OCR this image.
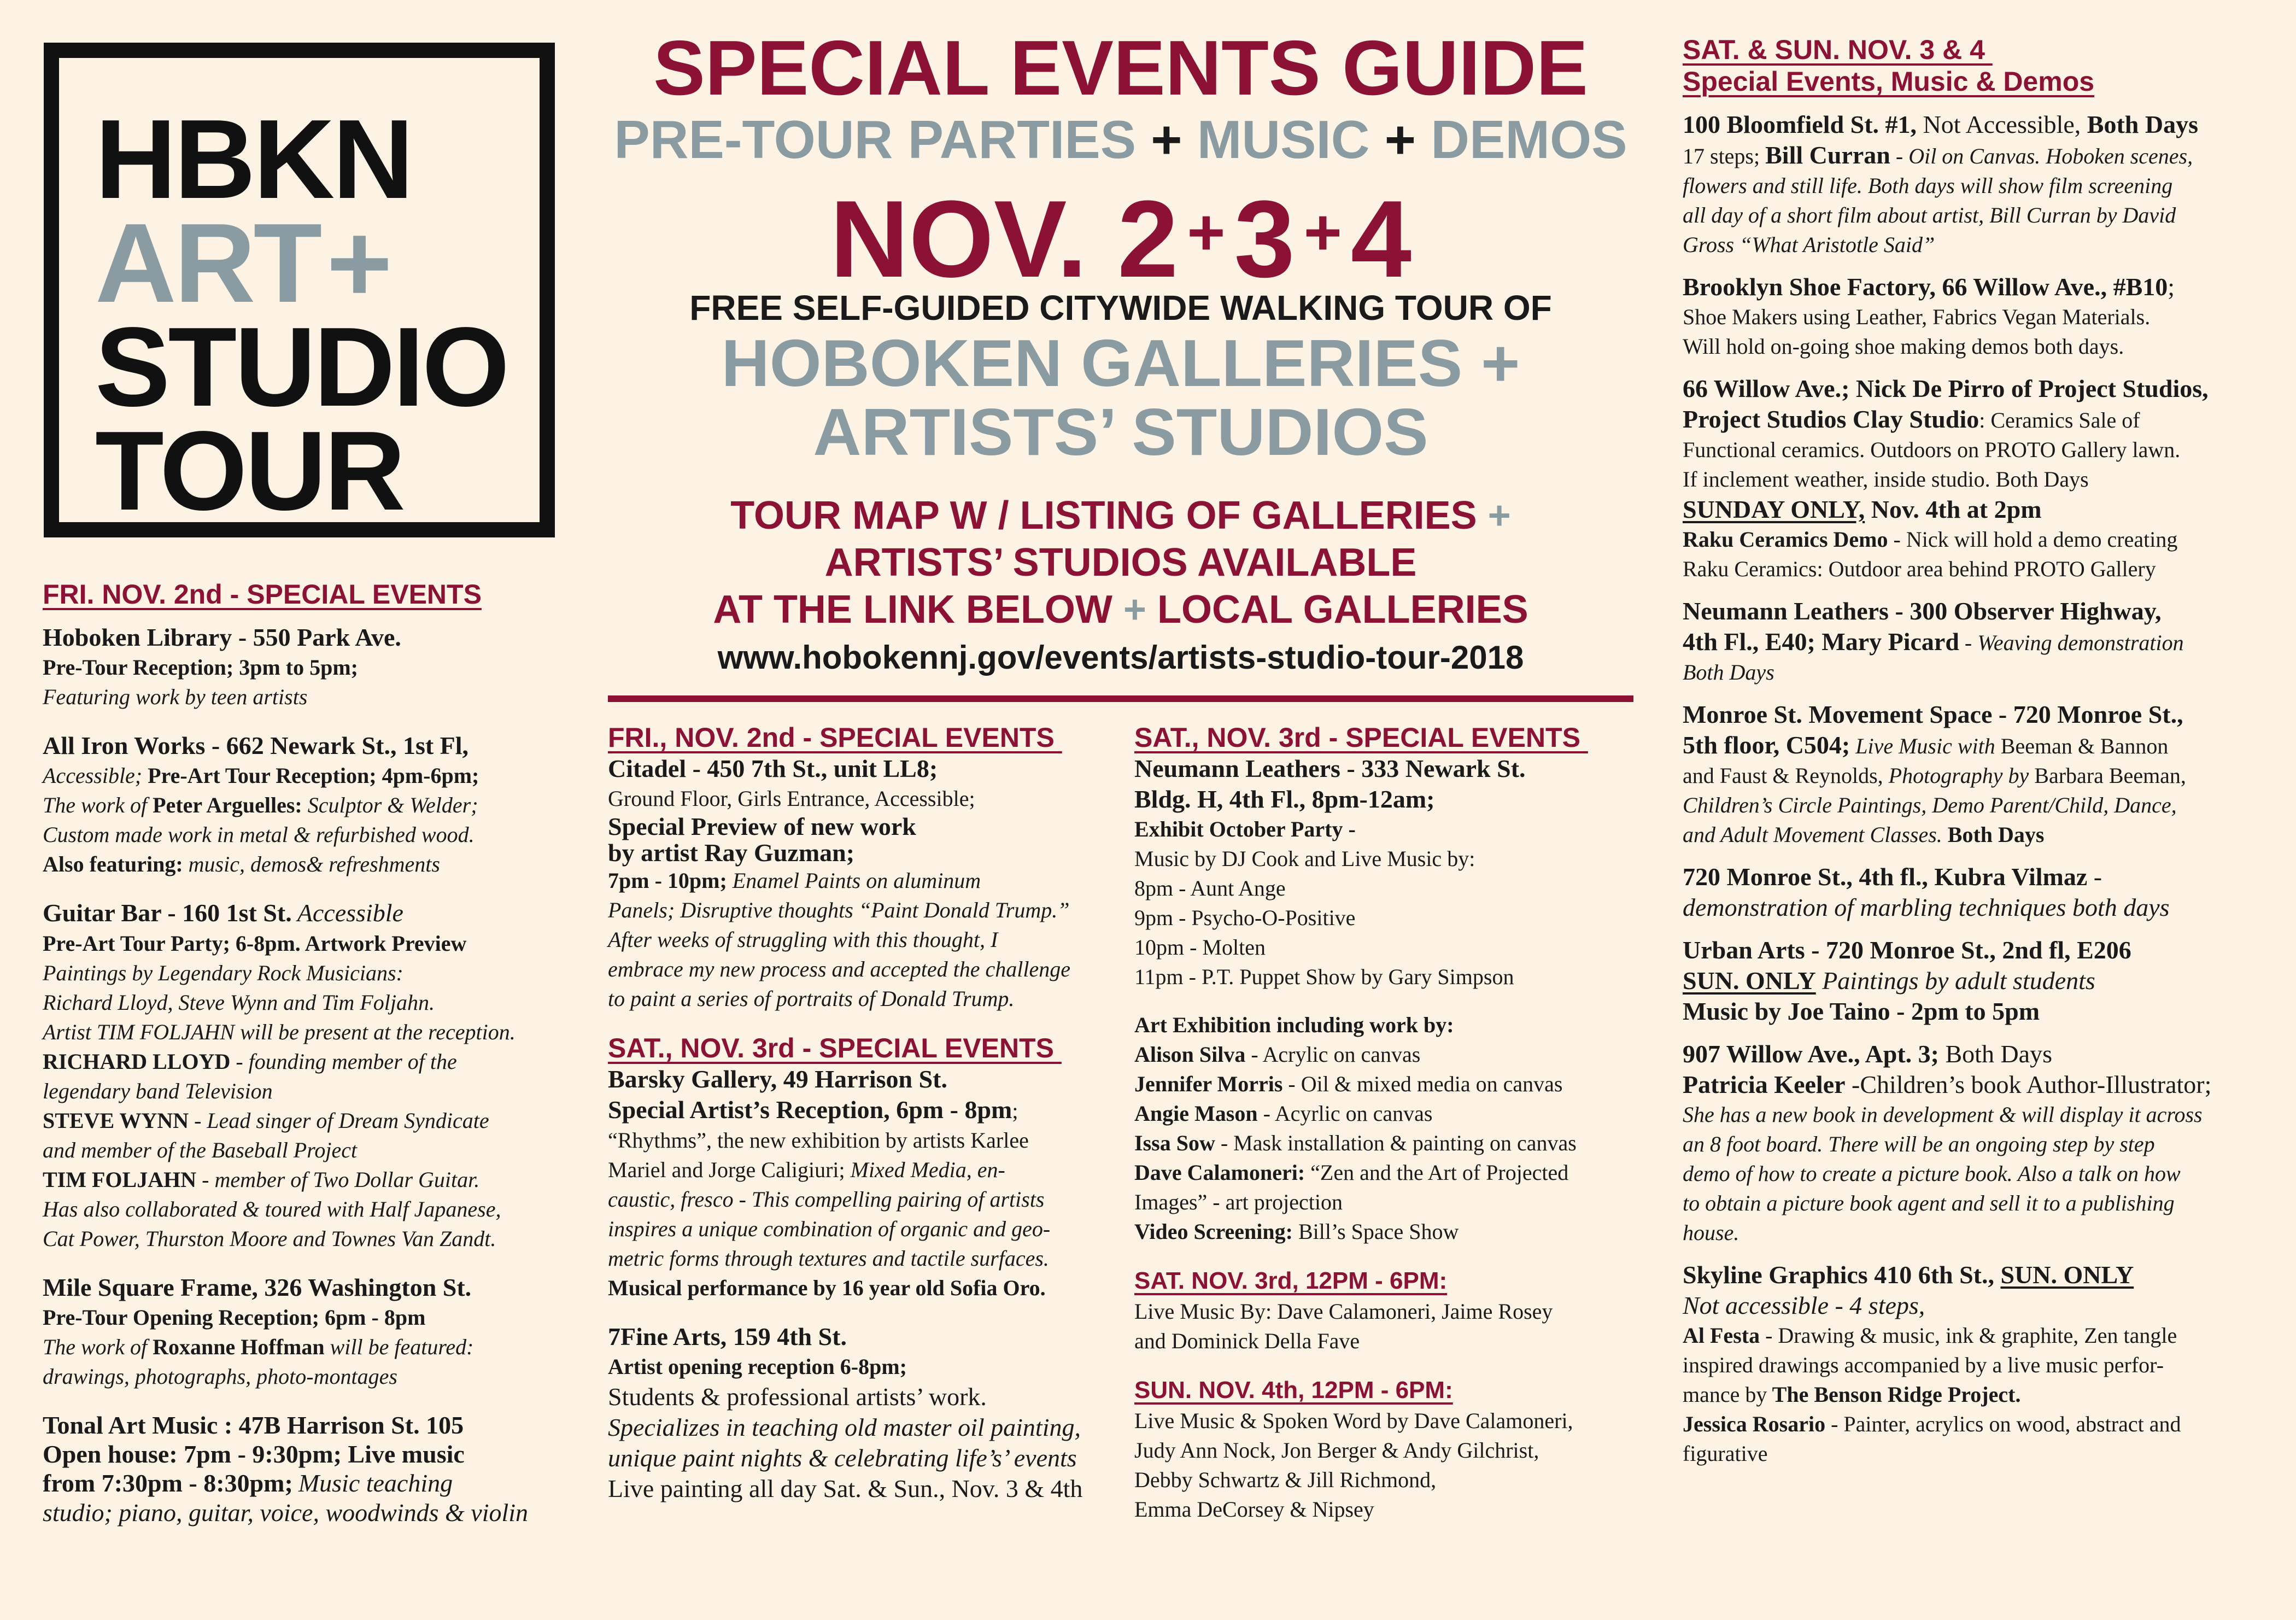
HBKN
ART+
STUDIO
TOUR
SPECIAL EVENTS GUIDE
PRE-TOUR PARTIES + MUSIC + DEMOS
NOV. 2 +3 +4
FREE SELF-GUIDED CITYWIDE WALKING TOUR OF
HOBOKEN GALLERIES +
ARTISTS’ STUDIOS
TOUR MAP W / LISTING OF GALLERIES +
ARTISTS’ STUDIOS AVAILABLE
AT THE LINK BELOW + LOCAL GALLERIES
www.hobokennj.gov/events/artists-studio-tour-2018
FRI. NOV. 2nd - SPECIAL EVENTS

Hoboken Library - 550 Park Ave.

Pre-Tour Reception; 3pm to 5pm;

Featuring work by teen artists

All Iron Works - 662 Newark St., 1st Fl,

Accessible; Pre-Art Tour Reception; 4pm-6pm;

The work of Peter Arguelles: Sculptor & Welder;

Custom made work in metal & refurbished wood.

Also featuring: music, demos& refreshments

Guitar Bar - 160 1st St. Accessible

Pre-Art Tour Party; 6-8pm. Artwork Preview

Paintings by Legendary Rock Musicians:

Richard Lloyd, Steve Wynn and Tim Foljahn.

Artist TIM FOLJAHN will be present at the reception.

RICHARD LLOYD - founding member of the

legendary band Television

STEVE WYNN - Lead singer of Dream Syndicate

and member of the Baseball Project

TIM FOLJAHN - member of Two Dollar Guitar.

Has also collaborated & toured with Half Japanese,

Cat Power, Thurston Moore and Townes Van Zandt.

Mile Square Frame, 326 Washington St.

Pre-Tour Opening Reception; 6pm - 8pm

The work of Roxanne Hoffman will be featured:

drawings, photographs, photo-montages

Tonal Art Music : 47B Harrison St. 105

Open house: 7pm - 9:30pm; Live music

from 7:30pm - 8:30pm; Music teaching

studio; piano, guitar, voice, woodwinds & violin

FRI., NOV. 2nd - SPECIAL EVENTS

Citadel - 450 7th St., unit LL8;

Ground Floor, Girls Entrance, Accessible;

Special Preview of new work

by artist Ray Guzman;

7pm - 10pm; Enamel Paints on aluminum

Panels; Disruptive thoughts “Paint Donald Trump.”

After weeks of struggling with this thought, I

embrace my new process and accepted the challenge

to paint a series of portraits of Donald Trump.

SAT., NOV. 3rd - SPECIAL EVENTS

Barsky Gallery, 49 Harrison St.

Special Artist’s Reception, 6pm - 8pm;

“Rhythms”, the new exhibition by artists Karlee

Mariel and Jorge Caligiuri; Mixed Media, en-

caustic, fresco - This compelling pairing of artists

inspires a unique combination of organic and geo-

metric forms through textures and tactile surfaces.

Musical performance by 16 year old Sofia Oro.

7Fine Arts, 159 4th St.

Artist opening reception 6-8pm;

Students & professional artists’ work.

Specializes in teaching old master oil painting,

unique paint nights & celebrating life’s’ events

Live painting all day Sat. & Sun., Nov. 3 & 4th

SAT., NOV. 3rd - SPECIAL EVENTS

Neumann Leathers - 333 Newark St.

Bldg. H, 4th Fl., 8pm-12am;

Exhibit October Party -

Music by DJ Cook and Live Music by:

8pm - Aunt Ange

9pm - Psycho-O-Positive

10pm - Molten

11pm - P.T. Puppet Show by Gary Simpson

Art Exhibition including work by:

Alison Silva - Acrylic on canvas

Jennifer Morris - Oil & mixed media on canvas

Angie Mason - Acyrlic on canvas

Issa Sow - Mask installation & painting on canvas

Dave Calamoneri: “Zen and the Art of Projected

Images” - art projection

Video Screening: Bill’s Space Show

SAT. NOV. 3rd, 12PM - 6PM:

Live Music By: Dave Calamoneri, Jaime Rosey

and Dominick Della Fave

SUN. NOV. 4th, 12PM - 6PM:

Live Music & Spoken Word by Dave Calamoneri,

Judy Ann Nock, Jon Berger & Andy Gilchrist,

Debby Schwartz & Jill Richmond,

Emma DeCorsey & Nipsey

SAT. & SUN. NOV. 3 & 4
Special Events, Music & Demos

100 Bloomfield St. #1, Not Accessible, Both Days

17 steps; Bill Curran - Oil on Canvas. Hoboken scenes,

flowers and still life. Both days will show film screening

all day of a short film about artist, Bill Curran by David

Gross “What Aristotle Said”

Brooklyn Shoe Factory, 66 Willow Ave., #B10;

Shoe Makers using Leather, Fabrics Vegan Materials.

Will hold on-going shoe making demos both days.

66 Willow Ave.; Nick De Pirro of Project Studios,

Project Studios Clay Studio: Ceramics Sale of

Functional ceramics. Outdoors on PROTO Gallery lawn.

If inclement weather, inside studio. Both Days

SUNDAY ONLY, Nov. 4th at 2pm

Raku Ceramics Demo - Nick will hold a demo creating

Raku Ceramics: Outdoor area behind PROTO Gallery

Neumann Leathers - 300 Observer Highway,

4th Fl., E40; Mary Picard - Weaving demonstration

Both Days

Monroe St. Movement Space - 720 Monroe St.,

5th floor, C504; Live Music with Beeman & Bannon

and Faust & Reynolds, Photography by Barbara Beeman,

Children’s Circle Paintings, Demo Parent/Child, Dance,

and Adult Movement Classes. Both Days

720 Monroe St., 4th fl., Kubra Vilmaz -

demonstration of marbling techniques both days

Urban Arts - 720 Monroe St., 2nd fl, E206

SUN. ONLY Paintings by adult students

Music by Joe Taino - 2pm to 5pm

907 Willow Ave., Apt. 3; Both Days

Patricia Keeler -Children’s book Author-Illustrator;

She has a new book in development & will display it across

an 8 foot board. There will be an ongoing step by step

demo of how to create a picture book. Also a talk on how

to obtain a picture book agent and sell it to a publishing

house.

Skyline Graphics 410 6th St., SUN. ONLY

Not accessible - 4 steps,

Al Festa - Drawing & music, ink & graphite, Zen tangle

inspired drawings accompanied by a live music perfor-

mance by The Benson Ridge Project.

Jessica Rosario - Painter, acrylics on wood, abstract and

figurative
